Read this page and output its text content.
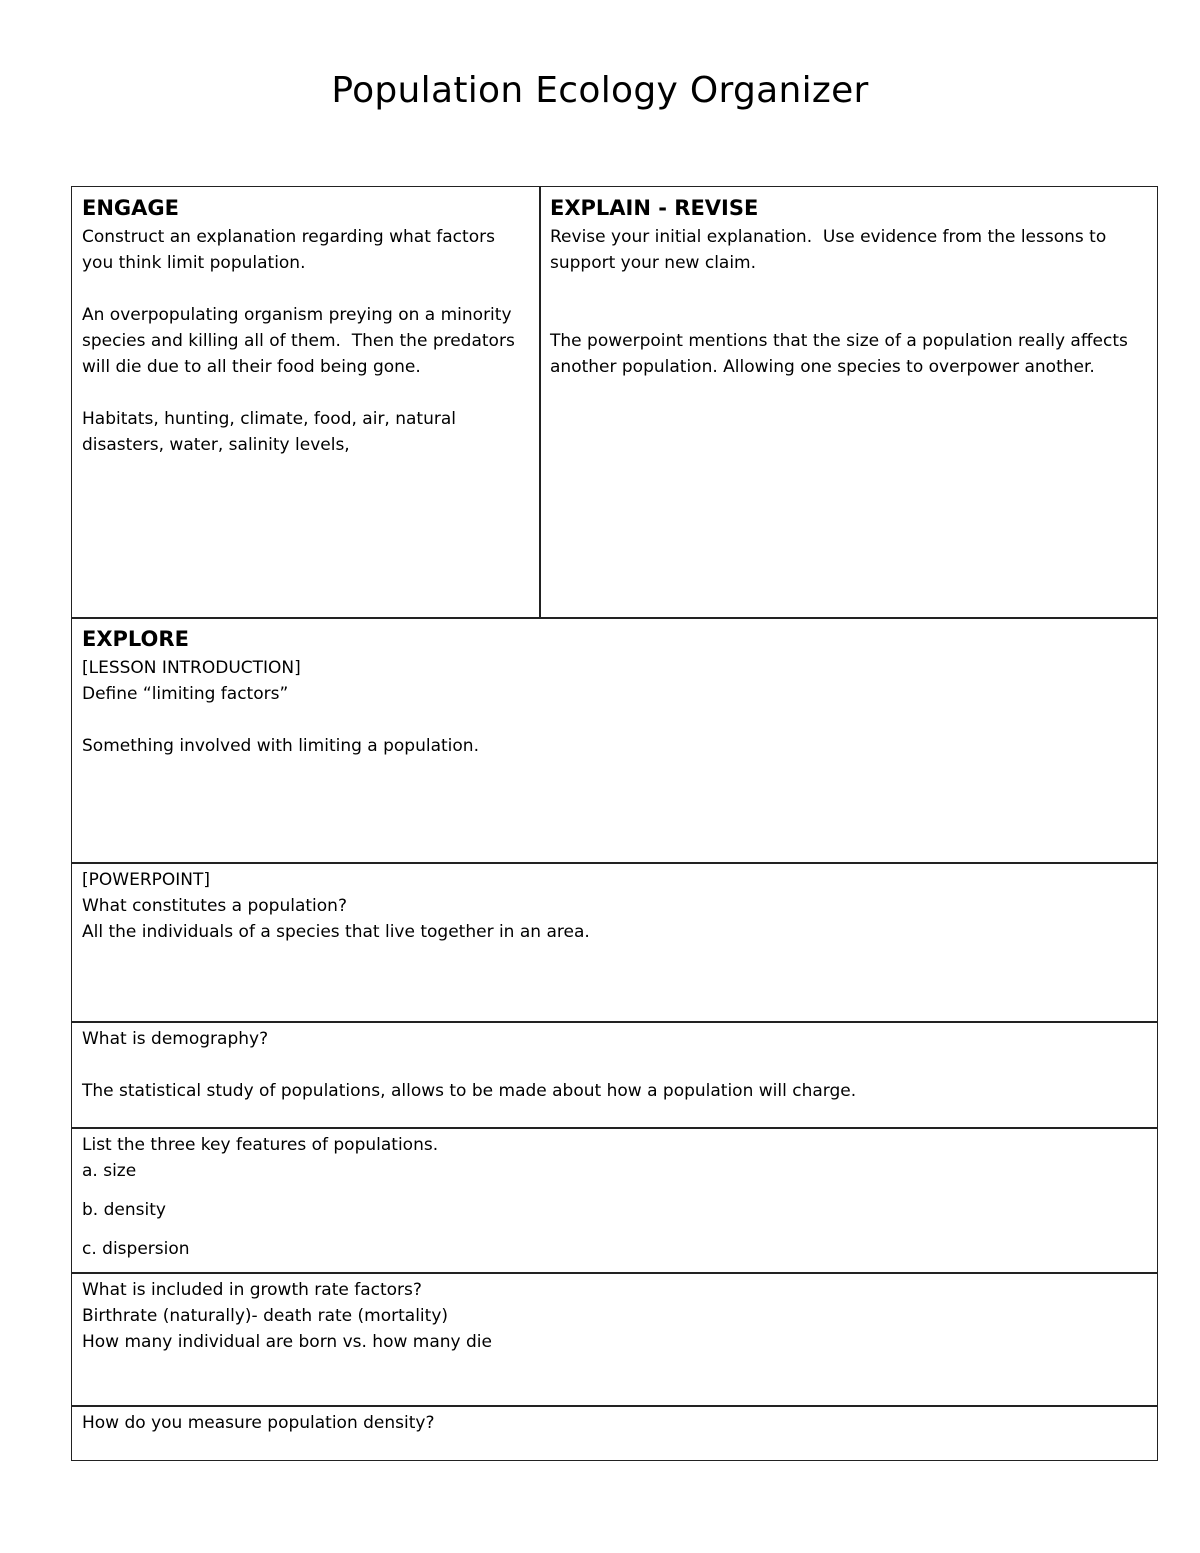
Population Ecology Organizer

ENGAGE

Construct an explanation regarding what factors you think limit population.

An overpopulating organism preying on a minority species and killing all of them.  Then the predators will die due to all their food being gone.

Habitats, hunting, climate, food, air, natural disasters, water, salinity levels,

EXPLAIN - REVISE

Revise your initial explanation.  Use evidence from the lessons to support your new claim.

The powerpoint mentions that the size of a population really affects another population. Allowing one species to overpower another.

EXPLORE

[LESSON INTRODUCTION]

Define “limiting factors”

Something involved with limiting a population.

[POWERPOINT]

What constitutes a population?

All the individuals of a species that live together in an area.

What is demography?

The statistical study of populations, allows to be made about how a population will charge.

List the three key features of populations.

a. size

b. density

c. dispersion

What is included in growth rate factors?

Birthrate (naturally)- death rate (mortality)

How many individual are born vs. how many die

How do you measure population density?
